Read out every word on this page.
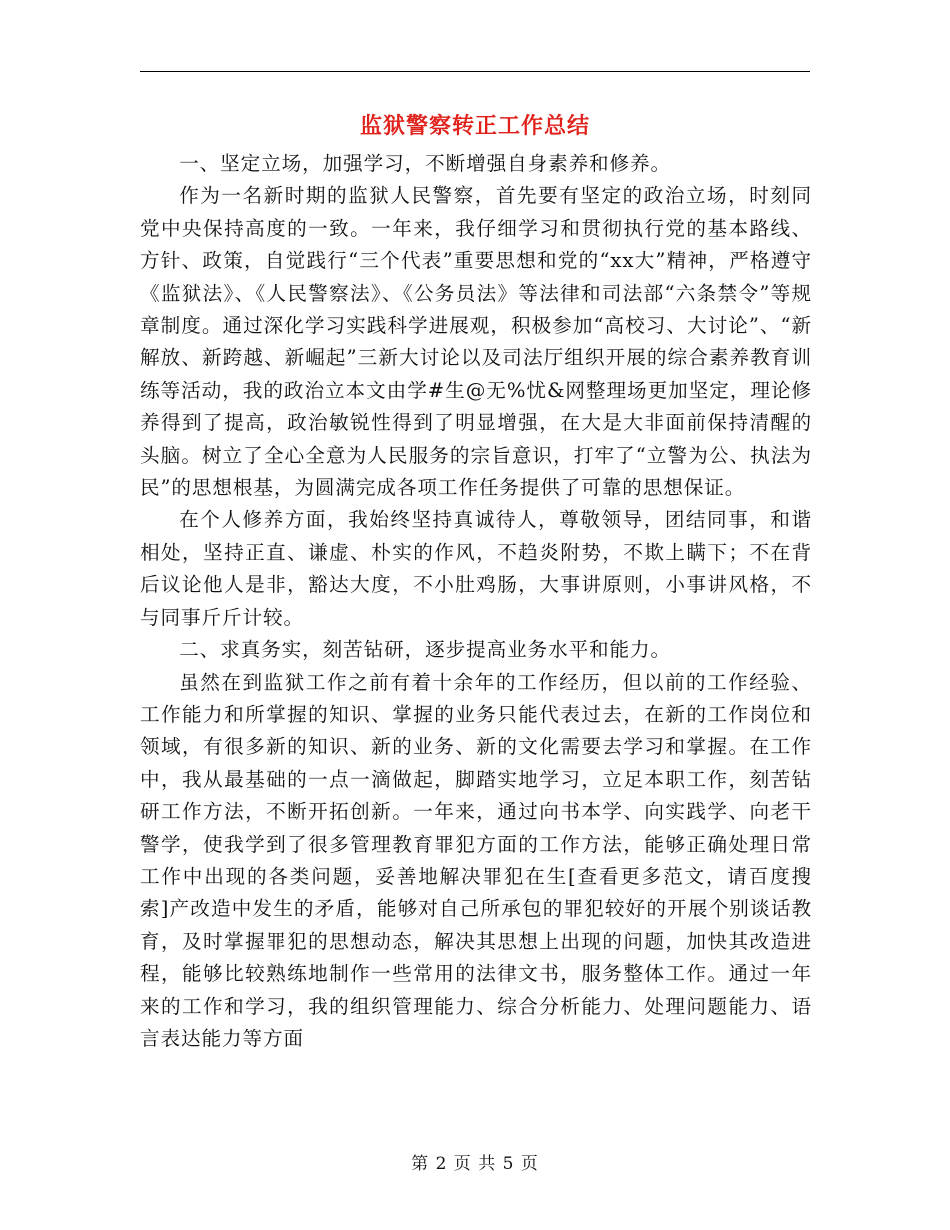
监狱警察转正工作总结

一、坚定立场，加强学习，不断增强自身素养和修养。

作为一名新时期的监狱人民警察，首先要有坚定的政治立场，时刻同党中央保持高度的一致。一年来，我仔细学习和贯彻执行党的基本路线、方针、政策，自觉践行“三个代表”重要思想和党的“xx大”精神，严格遵守《监狱法》、《人民警察法》、《公务员法》等法律和司法部“六条禁令”等规章制度。通过深化学习实践科学进展观，积极参加“高校习、大讨论”、“新解放、新跨越、新崛起”三新大讨论以及司法厅组织开展的综合素养教育训练等活动，我的政治立本文由学#生@无%忧&网整理场更加坚定，理论修养得到了提高，政治敏锐性得到了明显增强，在大是大非面前保持清醒的头脑。树立了全心全意为人民服务的宗旨意识，打牢了“立警为公、执法为民”的思想根基，为圆满完成各项工作任务提供了可靠的思想保证。

在个人修养方面，我始终坚持真诚待人，尊敬领导，团结同事，和谐相处，坚持正直、谦虚、朴实的作风，不趋炎附势，不欺上瞒下；不在背后议论他人是非，豁达大度，不小肚鸡肠，大事讲原则，小事讲风格，不与同事斤斤计较。

二、求真务实，刻苦钻研，逐步提高业务水平和能力。

虽然在到监狱工作之前有着十余年的工作经历，但以前的工作经验、工作能力和所掌握的知识、掌握的业务只能代表过去，在新的工作岗位和领域，有很多新的知识、新的业务、新的文化需要去学习和掌握。在工作中，我从最基础的一点一滴做起，脚踏实地学习，立足本职工作，刻苦钻研工作方法，不断开拓创新。一年来，通过向书本学、向实践学、向老干警学，使我学到了很多管理教育罪犯方面的工作方法，能够正确处理日常工作中出现的各类问题，妥善地解决罪犯在生[查看更多范文，请百度搜索]产改造中发生的矛盾，能够对自己所承包的罪犯较好的开展个别谈话教育，及时掌握罪犯的思想动态，解决其思想上出现的问题，加快其改造进程，能够比较熟练地制作一些常用的法律文书，服务整体工作。通过一年来的工作和学习，我的组织管理能力、综合分析能力、处理问题能力、语言表达能力等方面

第 2 页 共 5 页
